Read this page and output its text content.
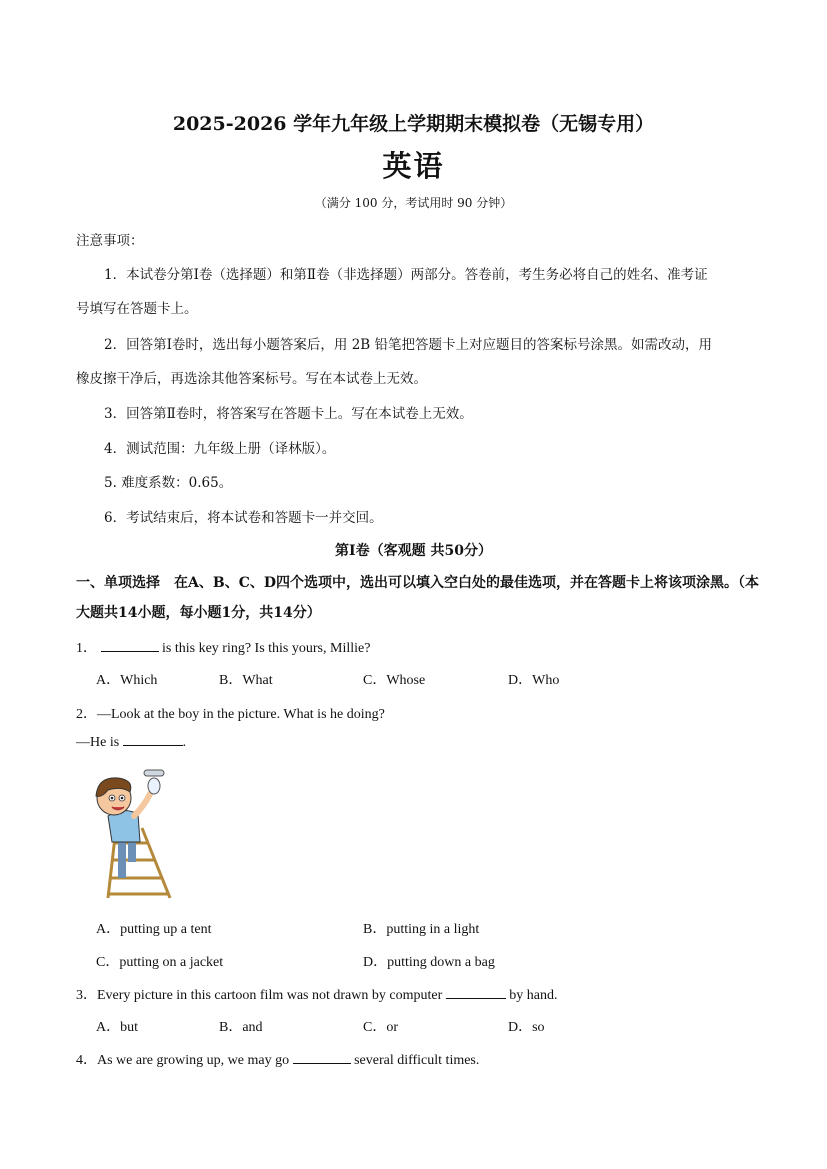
2025-2026 学年九年级上学期期末模拟卷（无锡专用）
英语
（满分 100 分，考试用时 90 分钟）
注意事项：
1．本试卷分第Ⅰ卷（选择题）和第Ⅱ卷（非选择题）两部分。答卷前，考生务必将自己的姓名、准考证
号填写在答题卡上。
2．回答第Ⅰ卷时，选出每小题答案后，用 2B 铅笔把答题卡上对应题目的答案标号涂黑。如需改动，用
橡皮擦干净后，再选涂其他答案标号。写在本试卷上无效。
3．回答第Ⅱ卷时，将答案写在答题卡上。写在本试卷上无效。
4．测试范围：九年级上册（译林版）。
5. 难度系数：0.65。
6．考试结束后，将本试卷和答题卡一并交回。
第Ⅰ卷（客观题 共50分）
一、单项选择　在A、B、C、D四个选项中，选出可以填入空白处的最佳选项，并在答题卡上将该项涂黑。（本
大题共14小题，每小题1分，共14分）
1．	is this key ring? Is this yours, Millie?
A．Which	B．What	C．Whose	D．Who
2．—Look at the boy in the picture. What is he doing?
—He is	.
A．putting up a tent	B．putting in a light
C．putting on a jacket	D．putting down a bag
3．Every picture in this cartoon film was not drawn by computer	by hand.
A．but	B．and	C．or	D．so
4．As we are growing up, we may go	several difficult times.
